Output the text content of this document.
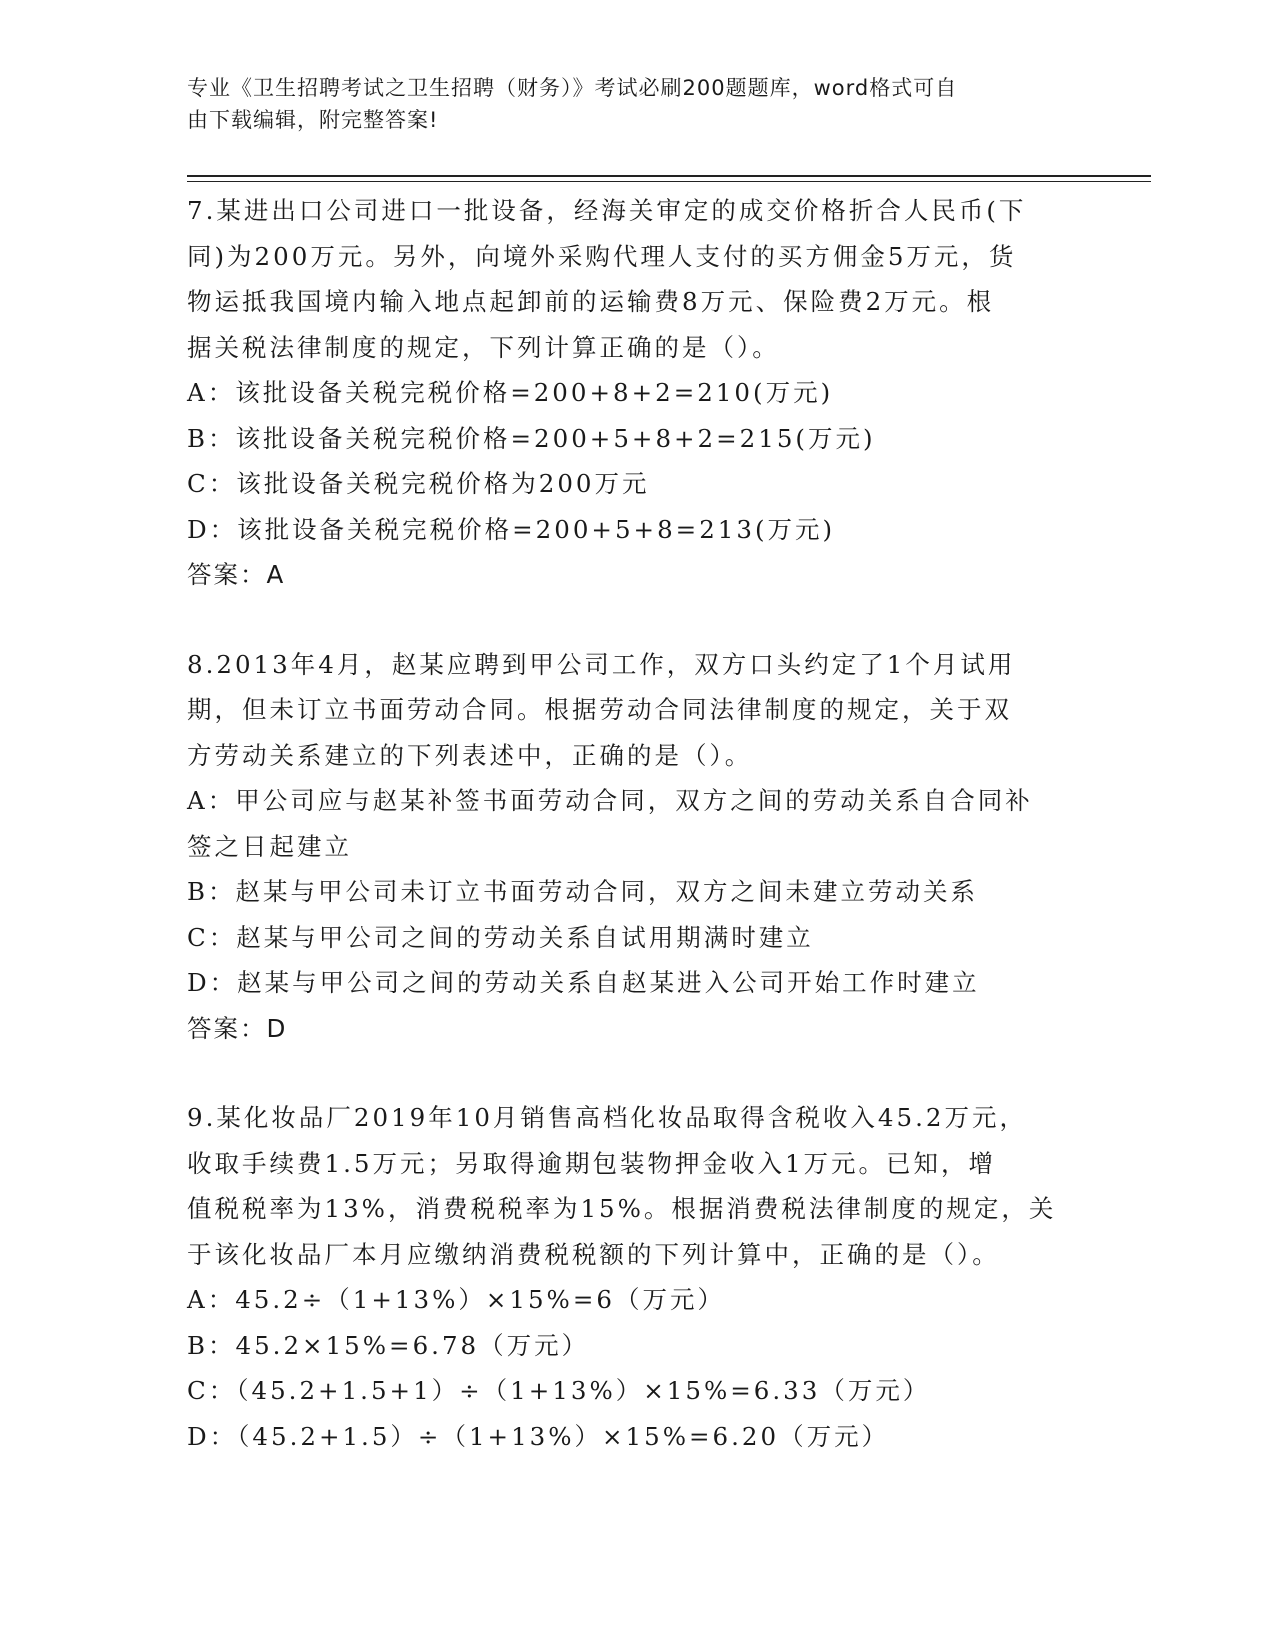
专业《卫生招聘考试之卫生招聘（财务）》考试必刷200题题库，word格式可自
由下载编辑，附完整答案!
7.某进出口公司进口一批设备，经海关审定的成交价格折合人民币(下
同)为200万元。另外，向境外采购代理人支付的买方佣金5万元，货
物运抵我国境内输入地点起卸前的运输费8万元、保险费2万元。根
据关税法律制度的规定，下列计算正确的是（）。
A：该批设备关税完税价格=200+8+2=210(万元)
B：该批设备关税完税价格=200+5+8+2=215(万元)
C：该批设备关税完税价格为200万元
D：该批设备关税完税价格=200+5+8=213(万元)
答案：A
8.2013年4月，赵某应聘到甲公司工作，双方口头约定了1个月试用
期，但未订立书面劳动合同。根据劳动合同法律制度的规定，关于双
方劳动关系建立的下列表述中，正确的是（）。
A：甲公司应与赵某补签书面劳动合同，双方之间的劳动关系自合同补
签之日起建立
B：赵某与甲公司未订立书面劳动合同，双方之间未建立劳动关系
C：赵某与甲公司之间的劳动关系自试用期满时建立
D：赵某与甲公司之间的劳动关系自赵某进入公司开始工作时建立
答案：D
9.某化妆品厂2019年10月销售高档化妆品取得含税收入45.2万元，
收取手续费1.5万元；另取得逾期包装物押金收入1万元。已知，增
值税税率为13%，消费税税率为15%。根据消费税法律制度的规定，关
于该化妆品厂本月应缴纳消费税税额的下列计算中，正确的是（）。
A：45.2÷（1+13%）×15%=6（万元）
B：45.2×15%=6.78（万元）
C：（45.2+1.5+1）÷（1+13%）×15%=6.33（万元）
D：（45.2+1.5）÷（1+13%）×15%=6.20（万元）
